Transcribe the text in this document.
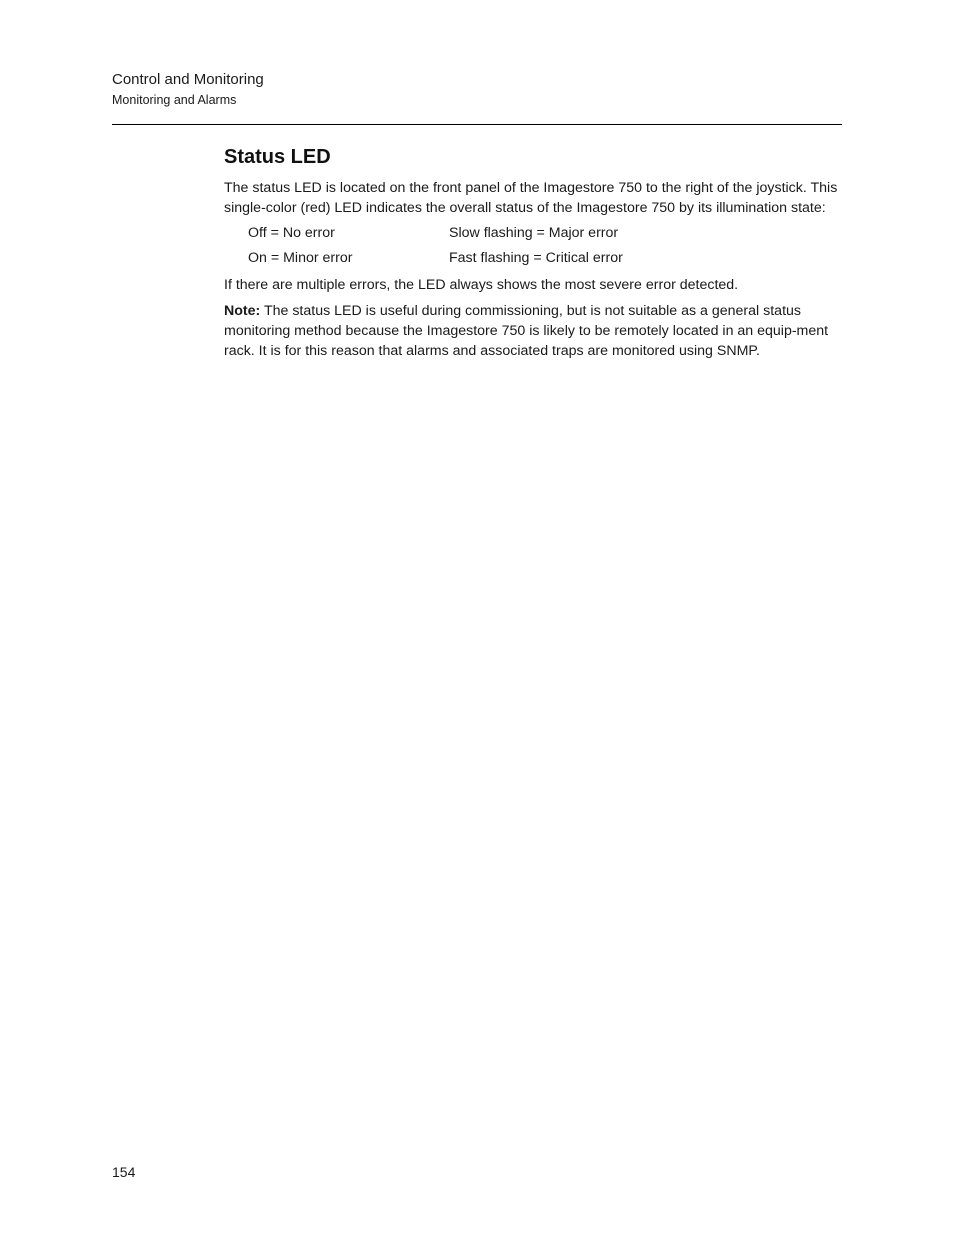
Control and Monitoring
Monitoring and Alarms
Status LED

The status LED is located on the front panel of the Imagestore 750 to the right of the joystick. This single-color (red) LED indicates the overall status of the Imagestore 750 by its illumination state:

Off = No error	Slow flashing = Major error
On = Minor error	Fast flashing = Critical error

If there are multiple errors, the LED always shows the most severe error detected.

Note: The status LED is useful during commissioning, but is not suitable as a general status monitoring method because the Imagestore 750 is likely to be remotely located in an equip-ment rack. It is for this reason that alarms and associated traps are monitored using SNMP.

154
